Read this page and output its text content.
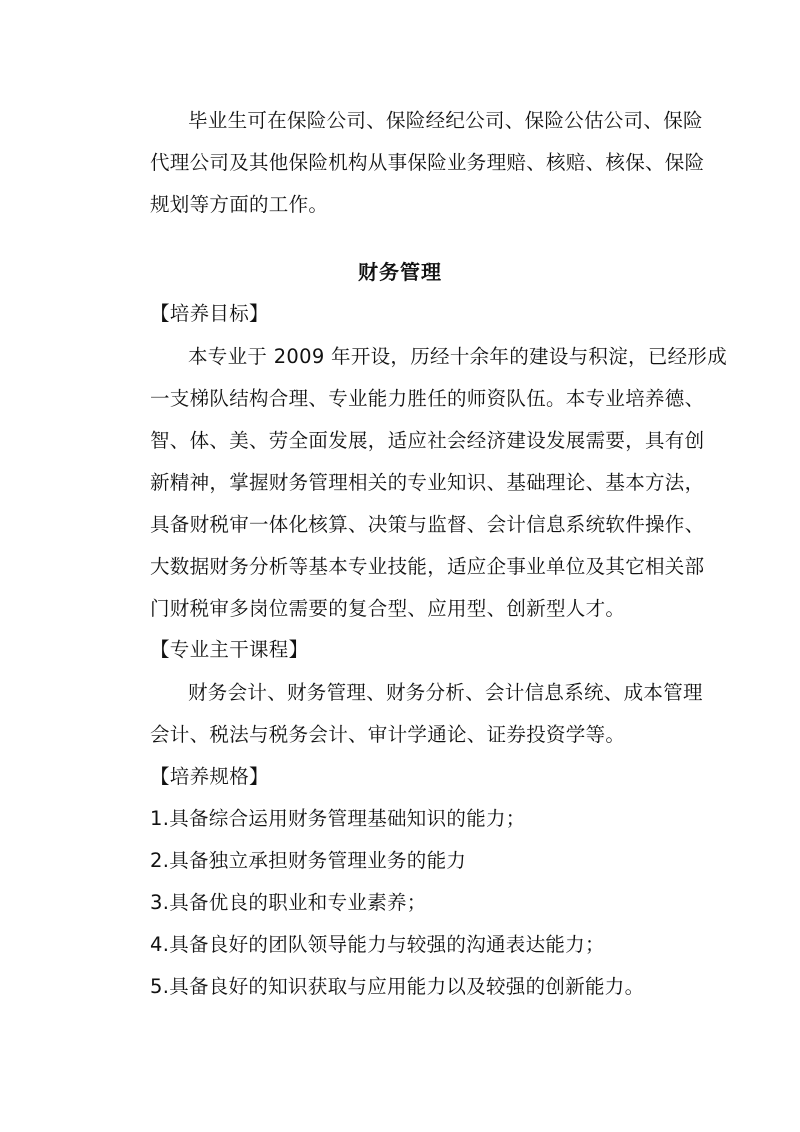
毕业生可在保险公司、保险经纪公司、保险公估公司、保险
代理公司及其他保险机构从事保险业务理赔、核赔、核保、保险
规划等方面的工作。
财务管理
【培养目标】
本专业于 2009 年开设，历经十余年的建设与积淀，已经形成
一支梯队结构合理、专业能力胜任的师资队伍。本专业培养德、
智、体、美、劳全面发展，适应社会经济建设发展需要，具有创
新精神，掌握财务管理相关的专业知识、基础理论、基本方法，
具备财税审一体化核算、决策与监督、会计信息系统软件操作、
大数据财务分析等基本专业技能，适应企事业单位及其它相关部
门财税审多岗位需要的复合型、应用型、创新型人才。
【专业主干课程】
财务会计、财务管理、财务分析、会计信息系统、成本管理
会计、税法与税务会计、审计学通论、证券投资学等。
【培养规格】
1.具备综合运用财务管理基础知识的能力；
2.具备独立承担财务管理业务的能力
3.具备优良的职业和专业素养；
4.具备良好的团队领导能力与较强的沟通表达能力；
5.具备良好的知识获取与应用能力以及较强的创新能力。
